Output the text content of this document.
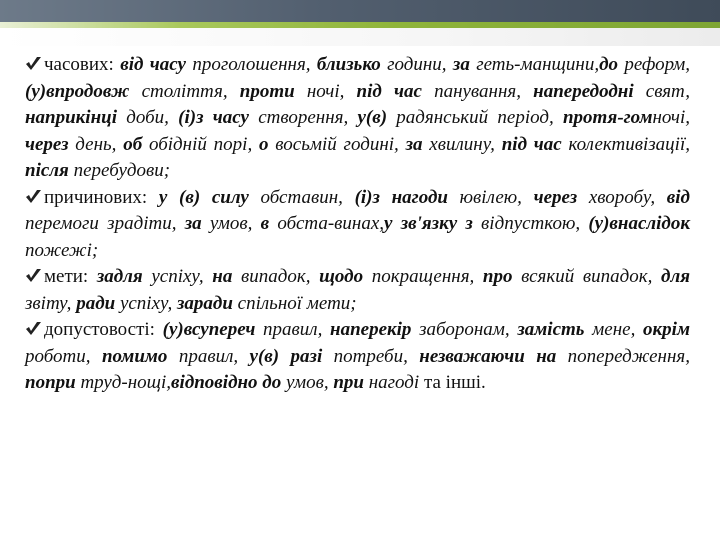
часових: від часу проголошення, близько години, за геть-манщини,до реформ, (у)впродовж століття, проти ночі, під час панування, напередодні свят, наприкінці доби, (і)з часу створення, у(в) радянський період, протя-гомночі, через день, об обідній порі, о восьмій годині, за хвилину, під час колективізації, після перебудови;

причинових: у (в) силу обставин, (і)з нагоди ювілею, через хворобу, від перемоги зрадіти, за умов, в обста-винах,у зв'язку з відпусткою, (у)внаслідок пожежі;

мети: задля успіху, на випадок, щодо покращення, про всякий випадок, для звіту, ради успіху, заради спільної мети;

допустовості: (у)всупереч правил, наперекір заборонам, замість мене, окрім роботи, помимо правил, у(в) разі потреби, незважаючи на попередження, попри труд-нощі,відповідно до умов, при нагоді та інші.
